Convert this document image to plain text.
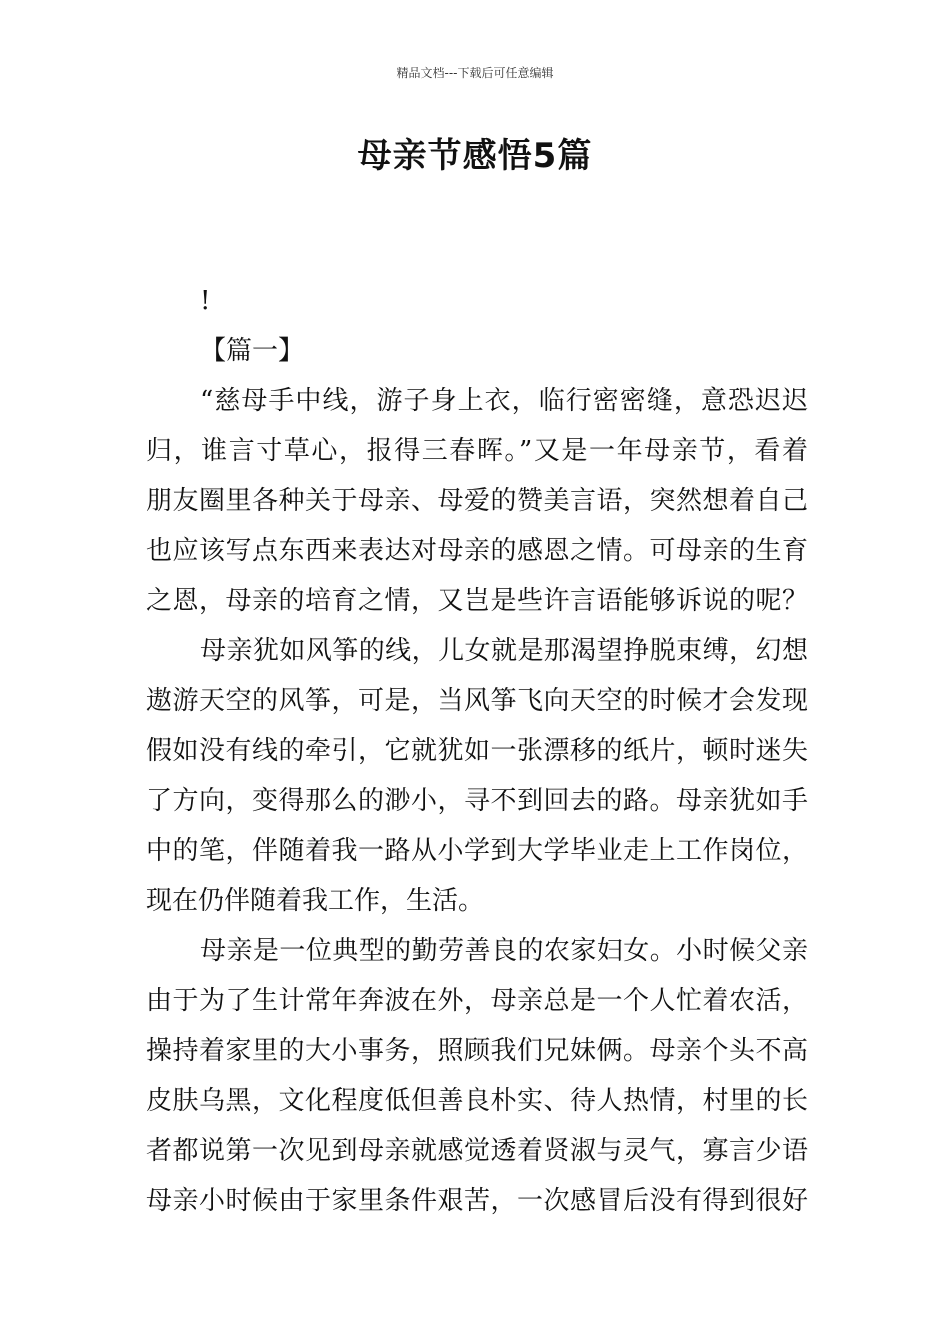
精品文档---下载后可任意编辑
母亲节感悟5篇
!
【篇一】
“慈母手中线，游子身上衣，临行密密缝，意恐迟迟
归，谁言寸草心，报得三春晖。”又是一年母亲节，看着
朋友圈里各种关于母亲、母爱的赞美言语，突然想着自己
也应该写点东西来表达对母亲的感恩之情。可母亲的生育
之恩，母亲的培育之情，又岂是些许言语能够诉说的呢？
母亲犹如风筝的线，儿女就是那渴望挣脱束缚，幻想
遨游天空的风筝，可是，当风筝飞向天空的时候才会发现
假如没有线的牵引，它就犹如一张漂移的纸片，顿时迷失
了方向，变得那么的渺小，寻不到回去的路。母亲犹如手
中的笔，伴随着我一路从小学到大学毕业走上工作岗位，
现在仍伴随着我工作，生活。
母亲是一位典型的勤劳善良的农家妇女。小时候父亲
由于为了生计常年奔波在外，母亲总是一个人忙着农活，
操持着家里的大小事务，照顾我们兄妹俩。母亲个头不高
皮肤乌黑，文化程度低但善良朴实、待人热情，村里的长
者都说第一次见到母亲就感觉透着贤淑与灵气，寡言少语
母亲小时候由于家里条件艰苦，一次感冒后没有得到很好
